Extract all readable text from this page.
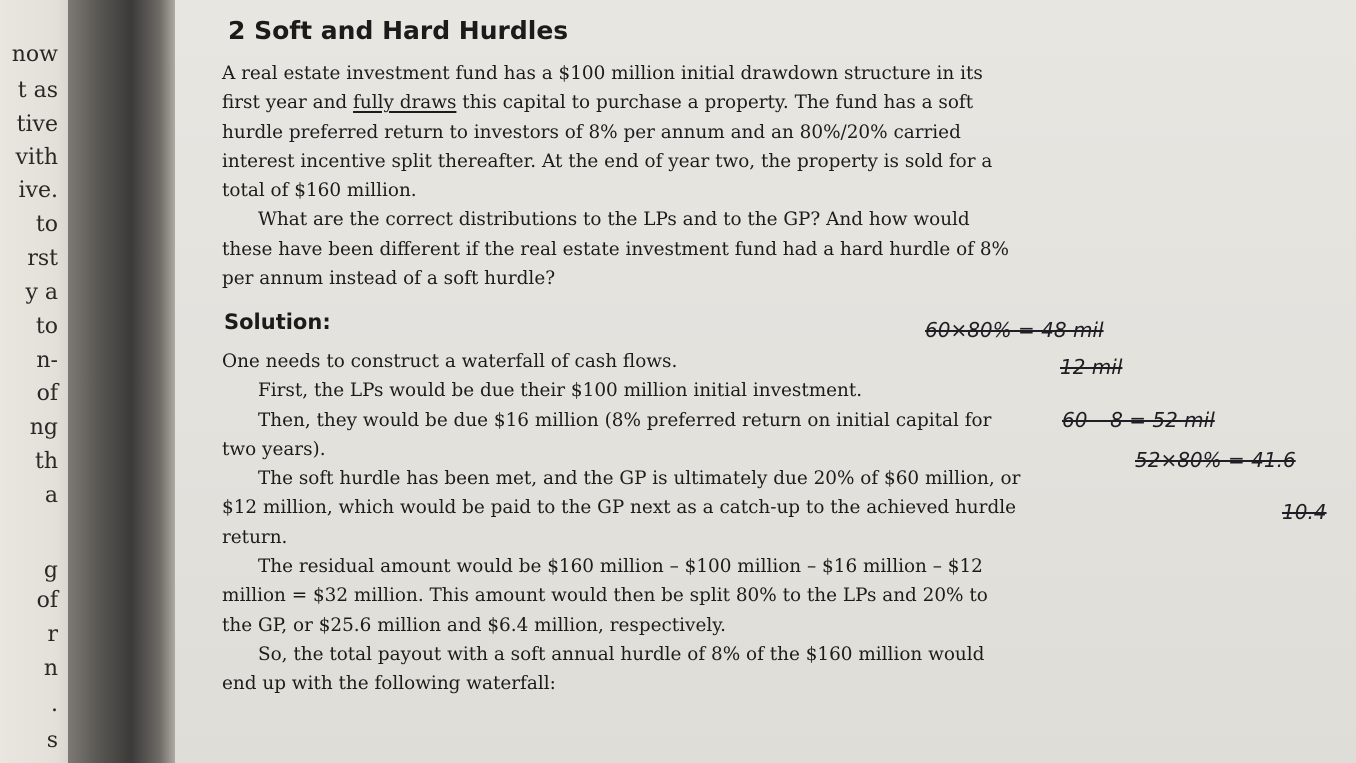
now
t as
tive
vith
ive.
to
rst
y a
to
n-
of
ng
th
a
g
of
r
n
.
s
2 Soft and Hard Hurdles

A real estate investment fund has a $100 million initial drawdown structure in its first year and fully draws this capital to purchase a property. The fund has a soft hurdle preferred return to investors of 8% per annum and an 80%/20% carried interest incentive split thereafter. At the end of year two, the property is sold for a total of $160 million.

What are the correct distributions to the LPs and to the GP? And how would these have been different if the real estate investment fund had a hard hurdle of 8% per annum instead of a soft hurdle?

Solution:

One needs to construct a waterfall of cash flows.

First, the LPs would be due their $100 million initial investment.

Then, they would be due $16 million (8% preferred return on initial capital for two years).

The soft hurdle has been met, and the GP is ultimately due 20% of $60 million, or $12 million, which would be paid to the GP next as a catch-up to the achieved hurdle return.

The residual amount would be $160 million – $100 million – $16 million – $12 million = $32 million. This amount would then be split 80% to the LPs and 20% to the GP, or $25.6 million and $6.4 million, respectively.

So, the total payout with a soft annual hurdle of 8% of the $160 million would end up with the following waterfall:

60×80% = 48 mil
12 mil
60 – 8 = 52 mil
52×80% = 41.6
10.4
